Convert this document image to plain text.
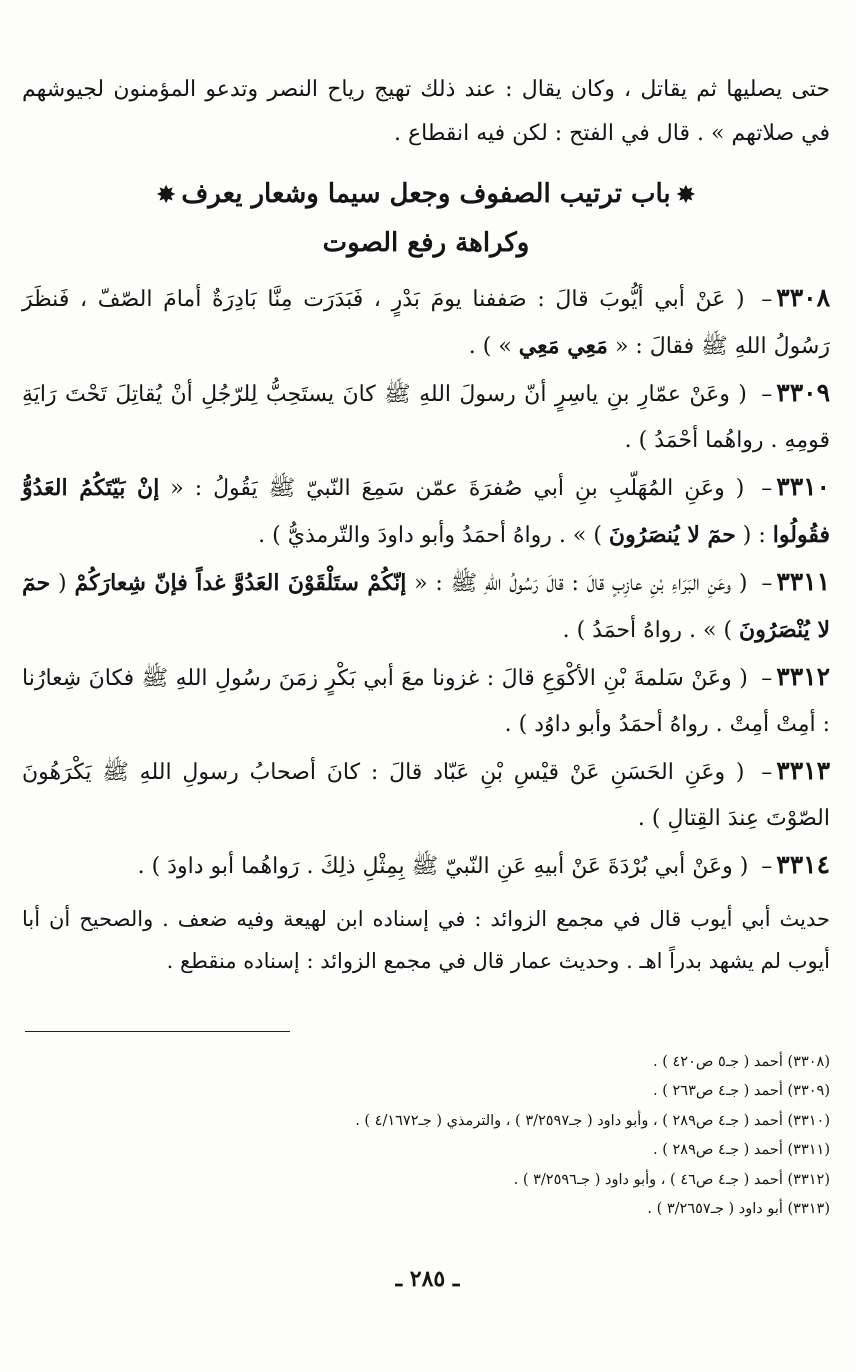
حتى يصليها ثم يقاتل ، وكان يقال : عند ذلك تهيج رياح النصر وتدعو المؤمنون لجيوشهم في صلاتهم » . قال في الفتح : لكن فيه انقطاع .

✸باب ترتيب الصفوف وجعل سيما وشعار يعرف✸
وكراهة رفع الصوت

٣٣٠٨– ( عَنْ أبي أيُّوبَ قالَ : صَففنا يومَ بَدْرٍ ، فَبَدَرَت مِنَّا بَادِرَةٌ أمامَ الصّفّ ، فَنظَرَ رَسُولُ اللهِ ﷺ فقالَ : « مَعِي مَعِي » ) .

٣٣٠٩– ( وعَنْ عمّارِ بنِ ياسِرٍ أنّ رسولَ اللهِ ﷺ كانَ يستَحِبُّ لِلرّجُلِ أنْ يُقاتِلَ تَحْتَ رَايَةِ قومِهِ . رواهُما أحْمَدُ ) .

٣٣١٠– ( وعَنِ المُهَلّبِ بنِ أبي صُفرَةَ عمّن سَمِعَ النّبيّ ﷺ يَقُولُ : « إنْ بَيّتَكُمُ العَدُوُّ فقُولُوا : ( حمٓ لا يُنصَرُونَ ) » . رواهُ أحمَدُ وأبو داودَ والتّرمذيُّ ) .

٣٣١١– ( وعَنِ البَرَاءِ بْنِ عازِبٍ قالَ : قالَ رَسُولُ اللهِ ﷺ : « إنّكُمْ ستَلْقَوْنَ العَدُوَّ غداً فإنّ شِعارَكُمْ ( حمٓ لا يُنْصَرُونَ ) » . رواهُ أحمَدُ ) .

٣٣١٢– ( وعَنْ سَلمةَ بْنِ الأكْوَعِ قالَ : غزونا معَ أبي بَكْرٍ زمَنَ رسُولِ اللهِ ﷺ فكانَ شِعارُنا : أمِتْ أمِتْ . رواهُ أحمَدُ وأبو داوُد ) .

٣٣١٣– ( وعَنِ الحَسَنِ عَنْ قيْسِ بْنِ عَبّاد قالَ : كانَ أصحابُ رسولِ اللهِ ﷺ يَكْرَهُونَ الصّوْتَ عِندَ القِتالِ ) .

٣٣١٤– ( وعَنْ أبي بُرْدَةَ عَنْ أبيهِ عَنِ النّبيّ ﷺ بِمِثْلِ ذلِكَ . رَواهُما أبو داودَ ) .

حديث أبي أيوب قال في مجمع الزوائد : في إسناده ابن لهيعة وفيه ضعف . والصحيح أن أبا أيوب لم يشهد بدراً اهـ . وحديث عمار قال في مجمع الزوائد : إسناده منقطع .

(٣٣٠٨) أحمد ( جـ٥ ص٤٢٠ ) .
(٣٣٠٩) أحمد ( جـ٤ ص٢٦٣ ) .
(٣٣١٠) أحمد ( جـ٤ ص٢٨٩ ) ، وأبو داود ( جـ٣/٢٥٩٧ ) ، والترمذي ( جـ٤/١٦٧٢ ) .
(٣٣١١) أحمد ( جـ٤ ص٢٨٩ ) .
(٣٣١٢) أحمد ( جـ٤ ص٤٦ ) ، وأبو داود ( جـ٣/٢٥٩٦ ) .
(٣٣١٣) أبو داود ( جـ٣/٢٦٥٧ ) .
ـ ٢٨٥ ـ
